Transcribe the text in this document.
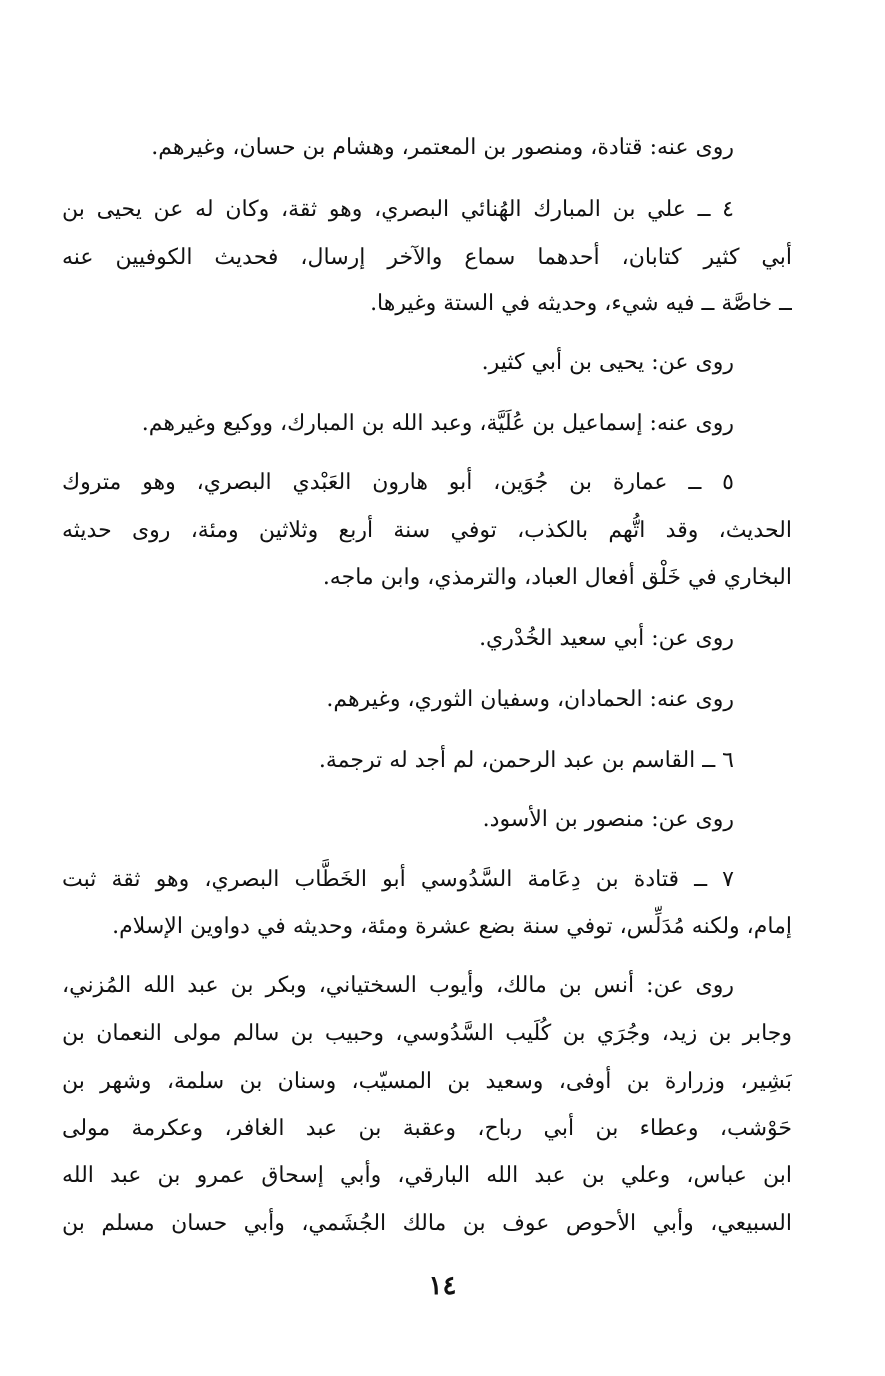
روى عنه: قتادة، ومنصور بن المعتمر، وهشام بن حسان، وغيرهم.
٤ ــ علي بن المبارك الهُنائي البصري، وهو ثقة، وكان له عن يحيى بن
أبي كثير كتابان، أحدهما سماع والآخر إرسال، فحديث الكوفيين عنه
ــ خاصَّة ــ فيه شيء، وحديثه في الستة وغيرها.
روى عن: يحيى بن أبي كثير.
روى عنه: إسماعيل بن عُلَيَّة، وعبد الله بن المبارك، ووكيع وغيرهم.
٥ ــ عمارة بن جُوَين، أبو هارون العَبْدي البصري، وهو متروك
الحديث، وقد اتُّهم بالكذب، توفي سنة أربع وثلاثين ومئة، روى حديثه
البخاري في خَلْق أفعال العباد، والترمذي، وابن ماجه.
روى عن: أبي سعيد الخُدْري.
روى عنه: الحمادان، وسفيان الثوري، وغيرهم.
٦ ــ القاسم بن عبد الرحمن، لم أجد له ترجمة.
روى عن: منصور بن الأسود.
٧ ــ قتادة بن دِعَامة السَّدُوسي أبو الخَطَّاب البصري، وهو ثقة ثبت
إمام، ولكنه مُدَلِّس، توفي سنة بضع عشرة ومئة، وحديثه في دواوين الإسلام.
روى عن: أنس بن مالك، وأيوب السختياني، وبكر بن عبد الله المُزني،
وجابر بن زيد، وجُرَي بن كُلَيب السَّدُوسي، وحبيب بن سالم مولى النعمان بن
بَشِير، وزرارة بن أوفى، وسعيد بن المسيّب، وسنان بن سلمة، وشهر بن
حَوْشب، وعطاء بن أبي رباح، وعقبة بن عبد الغافر، وعكرمة مولى
ابن عباس، وعلي بن عبد الله البارقي، وأبي إسحاق عمرو بن عبد الله
السبيعي، وأبي الأحوص عوف بن مالك الجُشَمي، وأبي حسان مسلم بن
١٤
